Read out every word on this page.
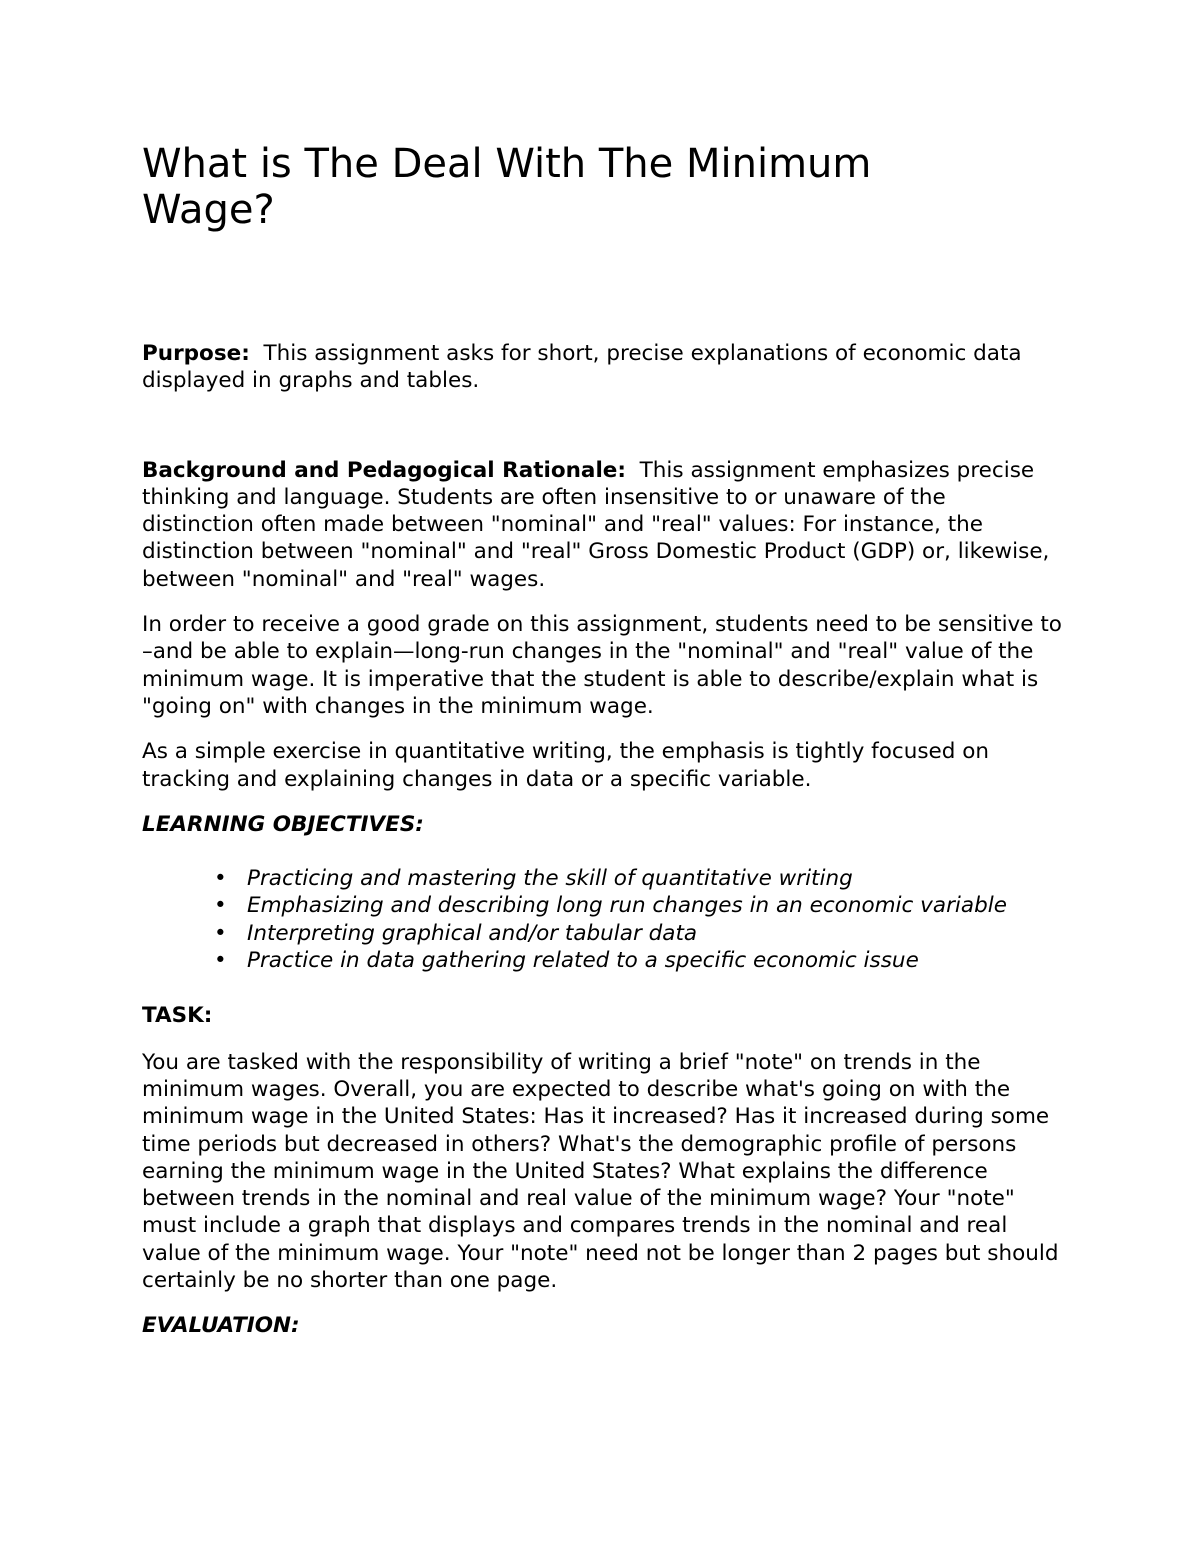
What is The Deal With The Minimum Wage?

Purpose: This assignment asks for short, precise explanations of economic data displayed in graphs and tables.

Background and Pedagogical Rationale: This assignment emphasizes precise thinking and language. Students are often insensitive to or unaware of the distinction often made between "nominal" and "real" values: For instance, the distinction between "nominal" and "real" Gross Domestic Product (GDP) or, likewise, between "nominal" and "real" wages.

In order to receive a good grade on this assignment, students need to be sensitive to –and be able to explain—long-run changes in the "nominal" and "real" value of the minimum wage. It is imperative that the student is able to describe/explain what is "going on" with changes in the minimum wage.

As a simple exercise in quantitative writing, the emphasis is tightly focused on tracking and explaining changes in data or a specific variable.

LEARNING OBJECTIVES:

• Practicing and mastering the skill of quantitative writing
• Emphasizing and describing long run changes in an economic variable
• Interpreting graphical and/or tabular data
• Practice in data gathering related to a specific economic issue

TASK:

You are tasked with the responsibility of writing a brief "note" on trends in the minimum wages. Overall, you are expected to describe what's going on with the minimum wage in the United States: Has it increased? Has it increased during some time periods but decreased in others? What's the demographic profile of persons earning the minimum wage in the United States? What explains the difference between trends in the nominal and real value of the minimum wage? Your "note" must include a graph that displays and compares trends in the nominal and real value of the minimum wage. Your "note" need not be longer than 2 pages but should certainly be no shorter than one page.

EVALUATION:
